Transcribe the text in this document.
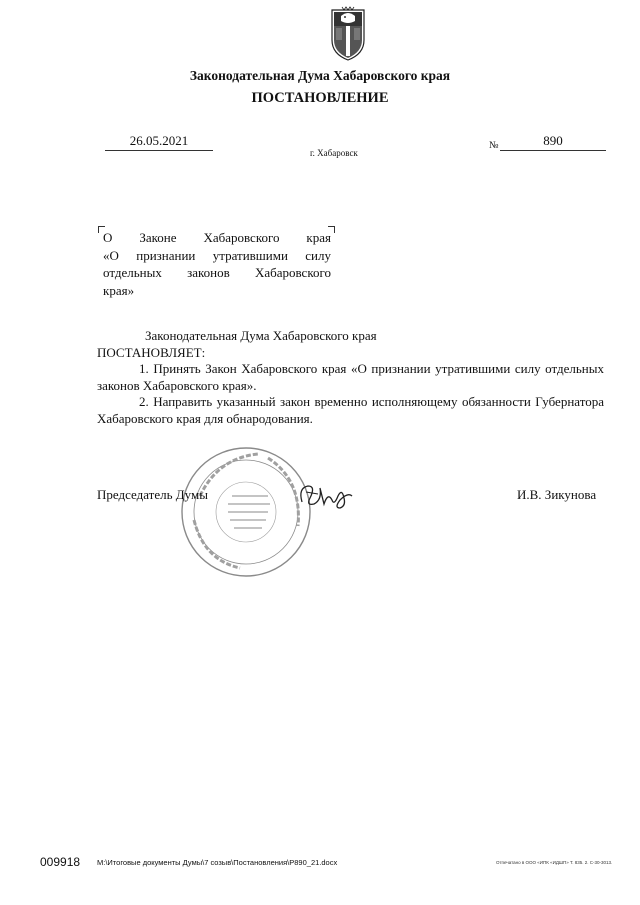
Законодательная Дума Хабаровского края
ПОСТАНОВЛЕНИЕ
26.05.2021
г. Хабаровск
№	890
О Законе Хабаровского края
«О признании утратившими силу
отдельных законов Хабаровского
края»

Законодательная Дума Хабаровского края

ПОСТАНОВЛЯЕТ:

1. Принять Закон Хабаровского края «О признании утратившими силу отдельных законов Хабаровского края».

2. Направить указанный закон временно исполняющему обязанности Губернатора Хабаровского края для обнародования.

Председатель Думы	И.В. Зикунова
009918 M:\Итоговые документы Думы\7 созыв\Постановления\P890_21.docx	Отпечатано в ООО «ИПК «ИДШП» Т. 835. 2. С-30-3013.
